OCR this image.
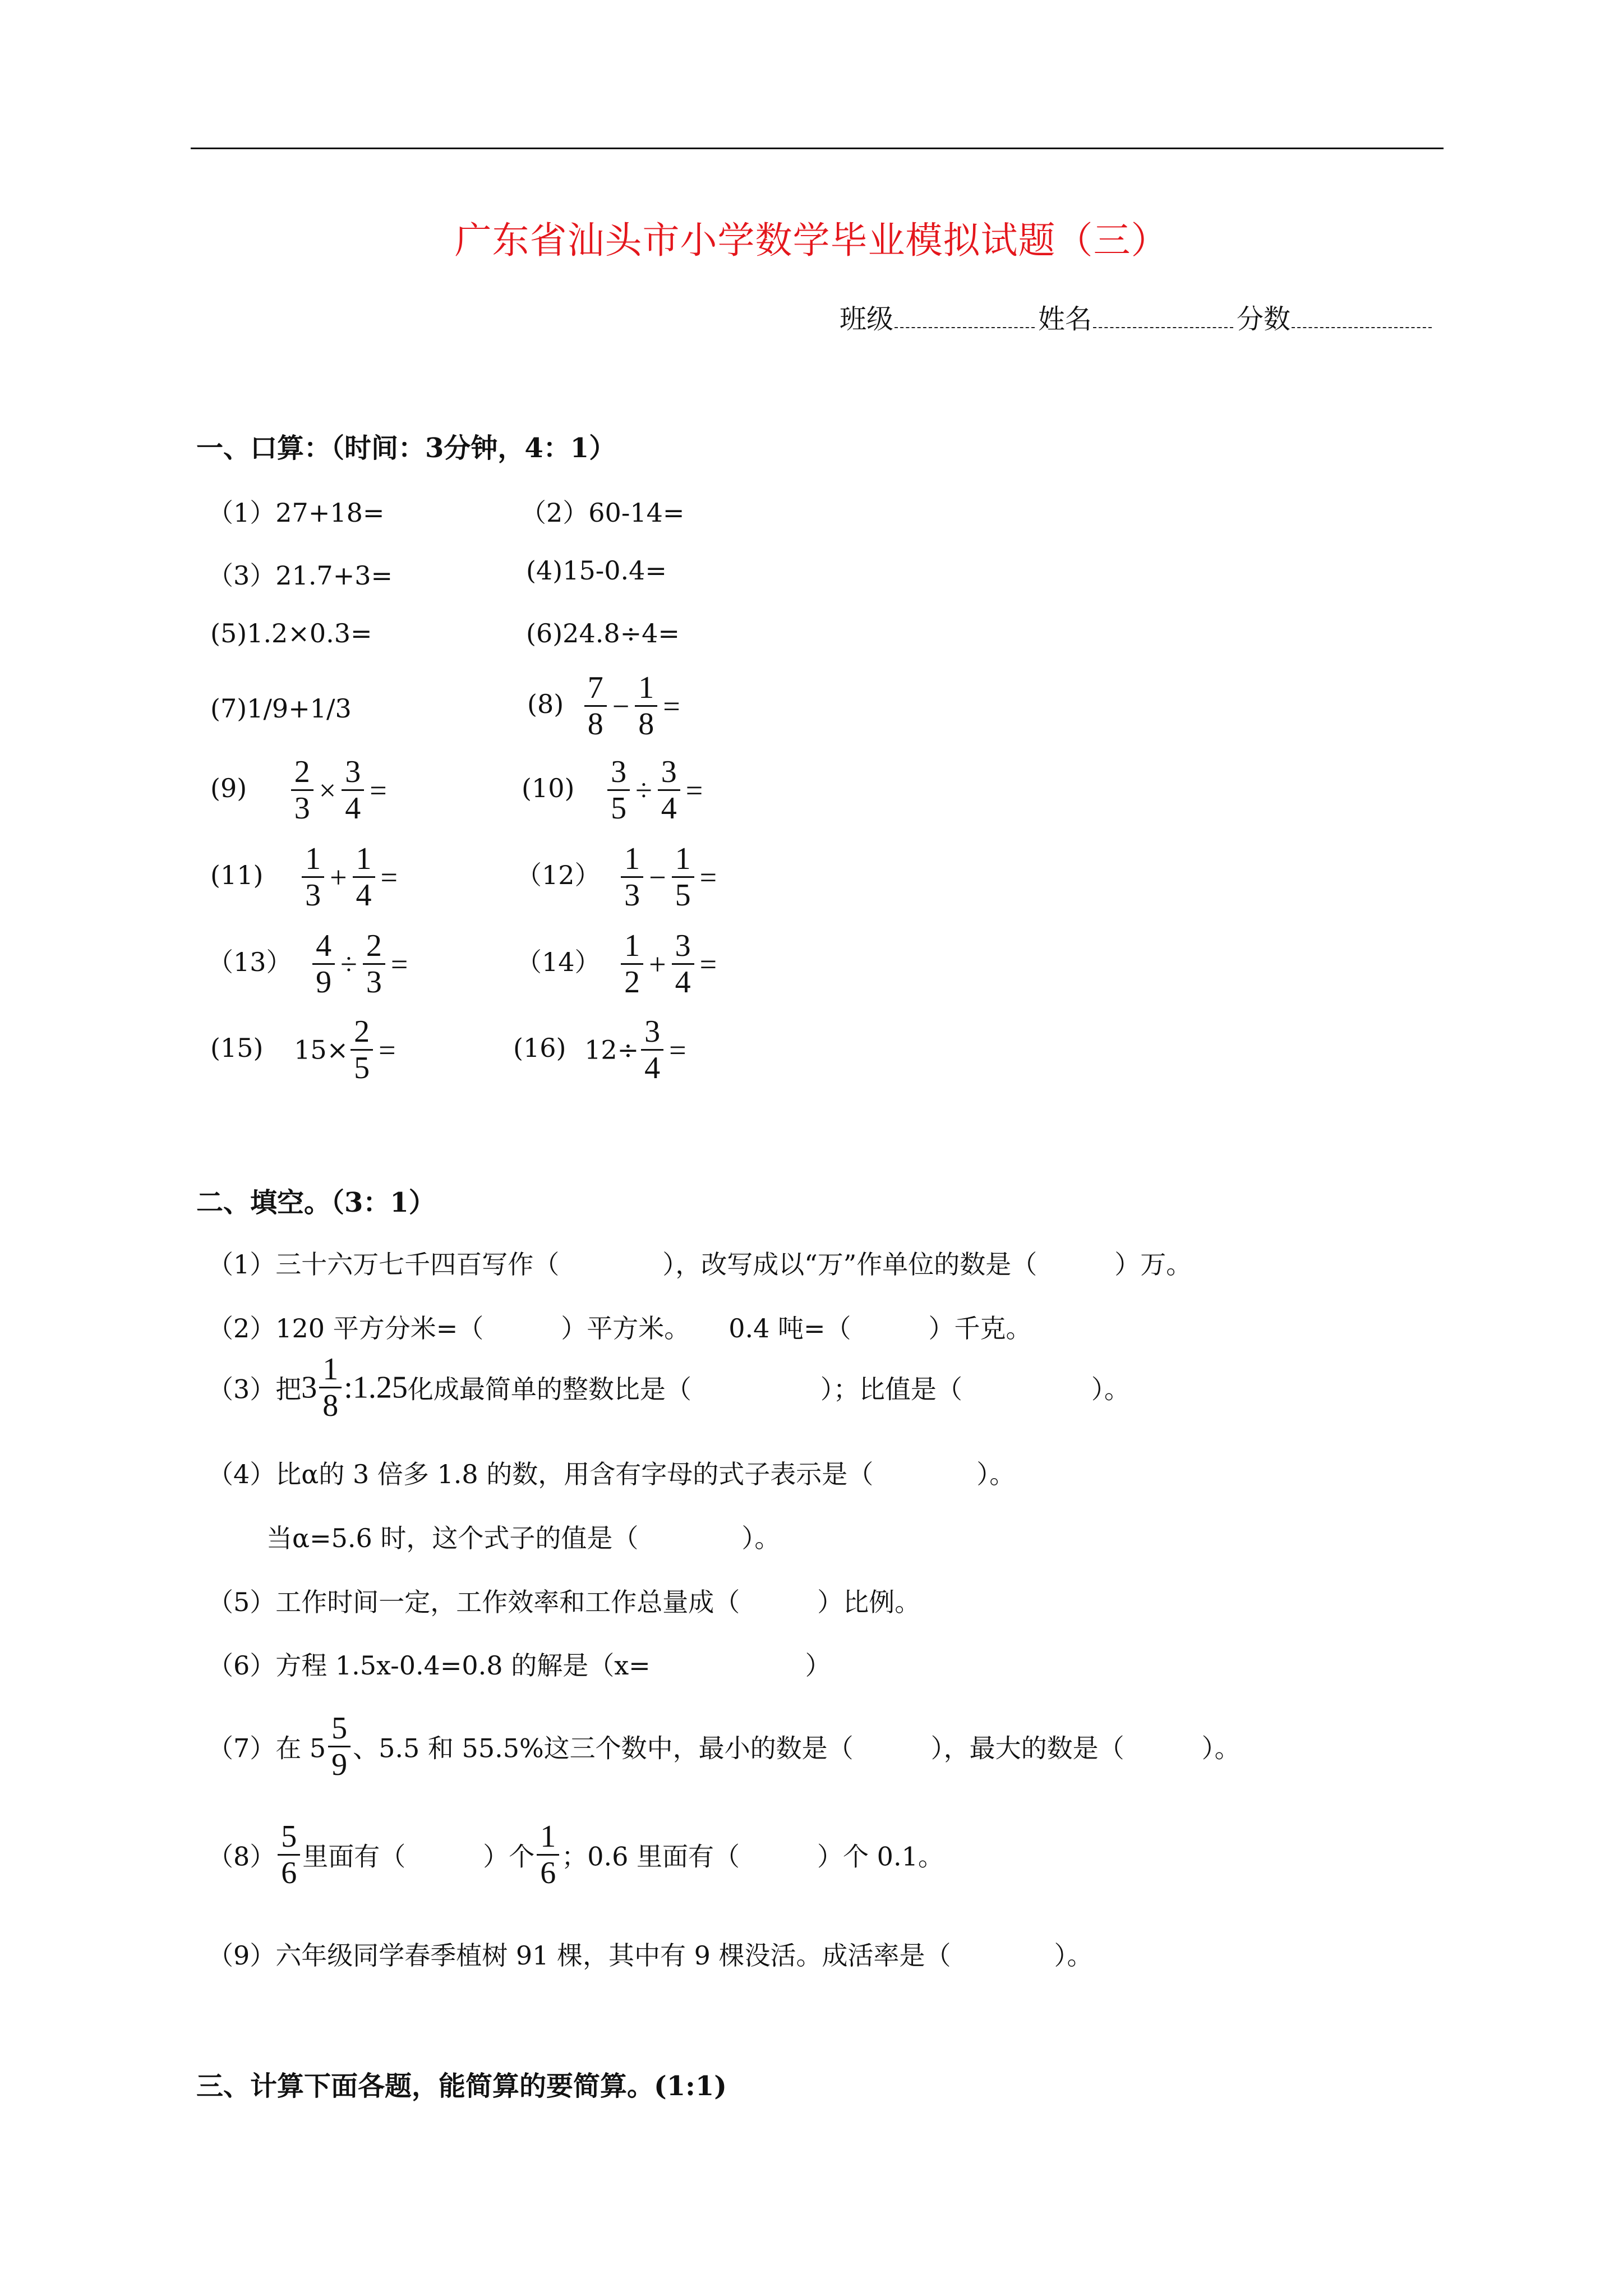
广东省汕头市小学数学毕业模拟试题（三）
班级	姓名	分数
一、口算：（时间：3分钟，4：1）
（1）27+18=	（2）60-14=
（3）21.7+3=	(4)15-0.4=
(5)1.2×0.3=	(6)24.8÷4=
(7)1/9+1/3	$(8) \frac{7}{8} - \frac{1}{8}$ =
$(9) \frac{2}{3} \times \frac{3}{4}$ =	$(10) \frac{3}{5} \div \frac{3}{4}$ =
$(11) \frac{1}{3} + \frac{1}{4}$ =	$(12) \frac{1}{3} - \frac{1}{5}$ =
$(13) \frac{4}{9} \div \frac{2}{3}$ =	$(14) \frac{1}{2} + \frac{3}{4}$ =
(15) $15\times \frac{2}{5}$ =	(16) $12\div \frac{3}{4}$ =
二、填空。（3：1）
（1）三十六万七千四百写作（　　　　），改写成以“万”作单位的数是（　　　）万。
（2）120 平方分米=（　　　）平方米。　　0.4 吨=（　　　）千克。
（3）把$3 \frac{1}{8}$ :1.25化成最简单的整数比是（　　　　　）；比值是（　　　　　）。
（4）比α的 3 倍多 1.8 的数，用含有字母的式子表示是（　　　　）。
当α=5.6 时，这个式子的值是（　　　　）。
（5）工作时间一定，工作效率和工作总量成（　　　）比例。
（6）方程 1.5x-0.4=0.8 的解是（x=　　　　　　）
（7）在 $5 \frac{5}{9}$ 、5.5 和 55.5%这三个数中，最小的数是（　　　），最大的数是（　　　）。
$(8) \frac{5}{6}$ 里面有（　　　）个 $\frac{1}{6}$ ；0.6 里面有（　　　）个 0.1。
（9）六年级同学春季植树 91 棵，其中有 9 棵没活。成活率是（　　　　）。
三、计算下面各题，能简算的要简算。(1:1)
